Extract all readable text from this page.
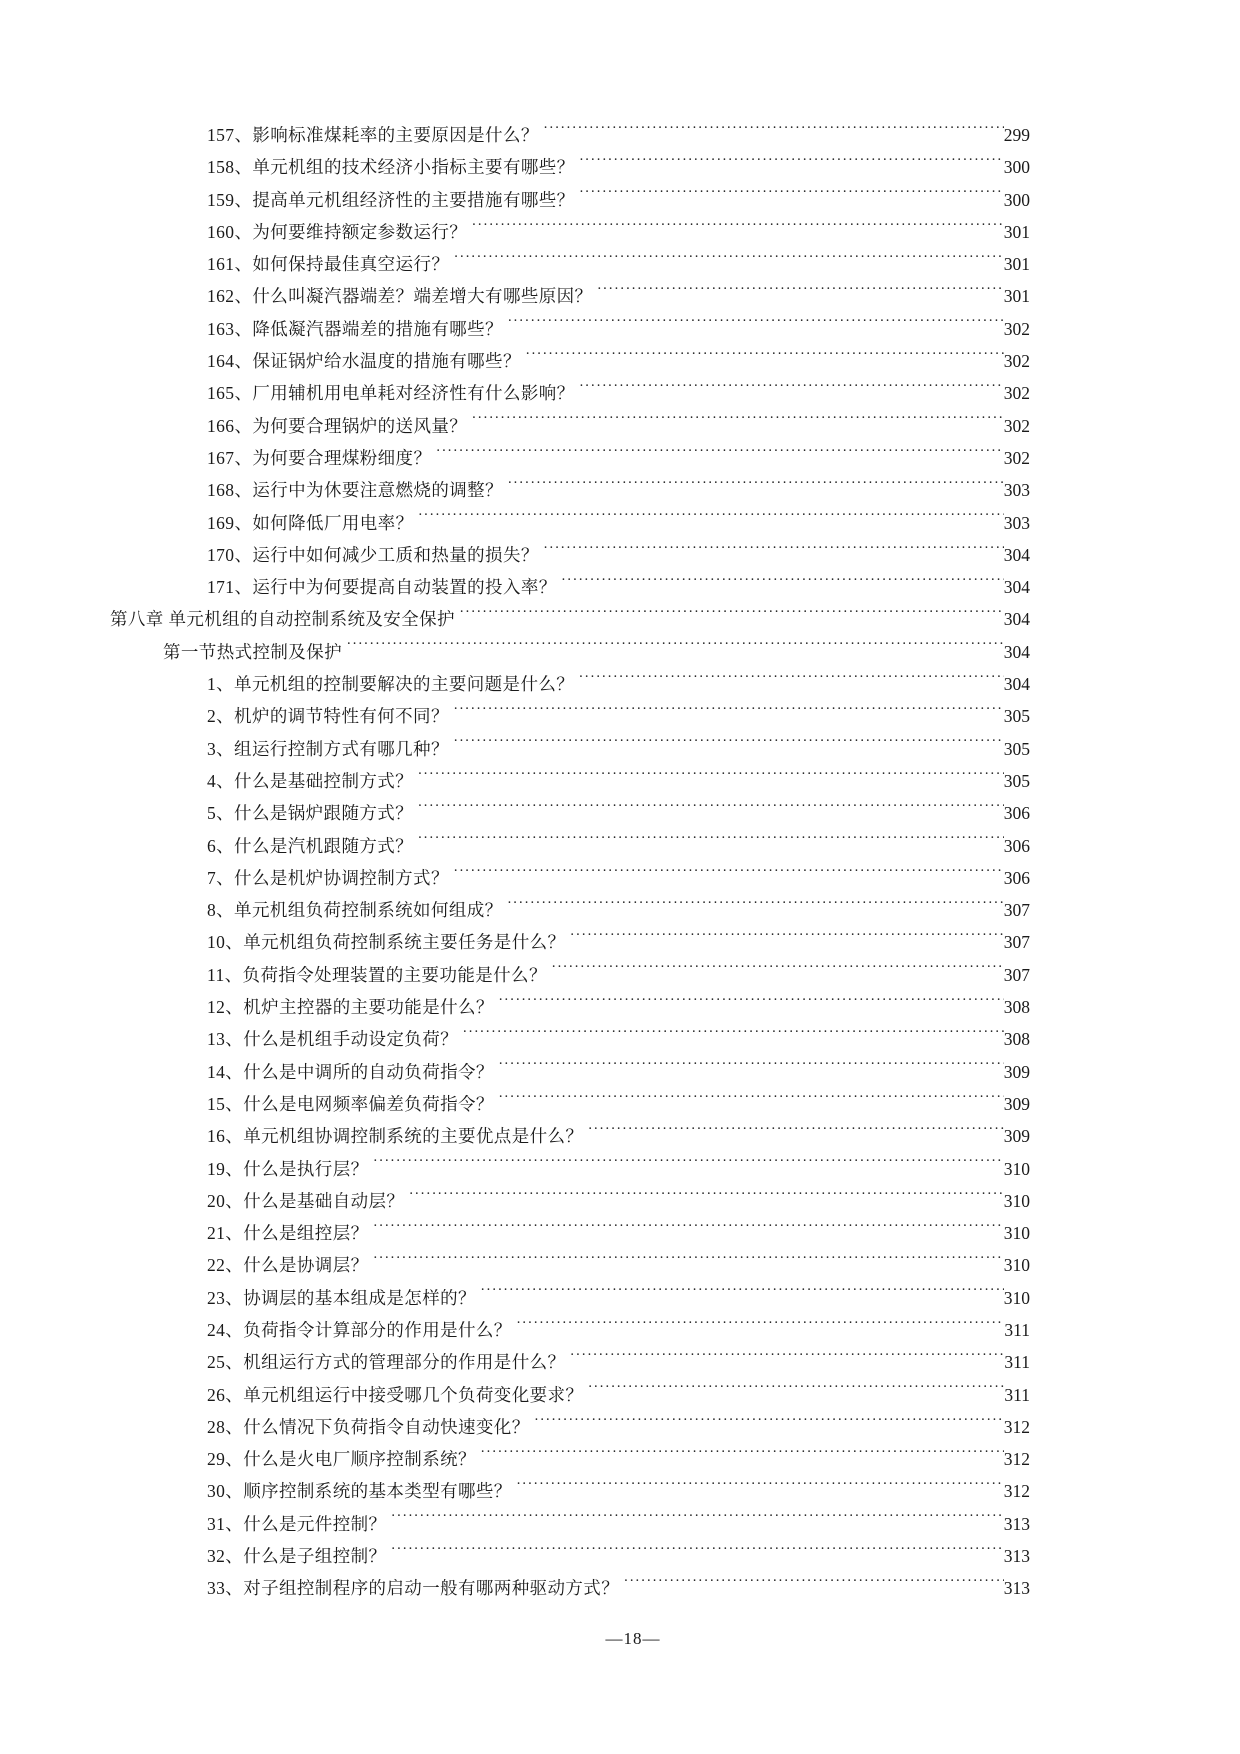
157、影响标准煤耗率的主要原因是什么？ .....	299
158、单元机组的技术经济小指标主要有哪些？ .....	300
159、提高单元机组经济性的主要措施有哪些？ .....	300
160、为何要维持额定参数运行？ .....	301
161、如何保持最佳真空运行？ .....	301
162、什么叫凝汽器端差？端差增大有哪些原因？ .....	301
163、降低凝汽器端差的措施有哪些？ .....	302
164、保证锅炉给水温度的措施有哪些？ .....	302
165、厂用辅机用电单耗对经济性有什么影响？ .....	302
166、为何要合理锅炉的送风量？ .....	302
167、为何要合理煤粉细度？ .....	302
168、运行中为休要注意燃烧的调整？ .....	303
169、如何降低厂用电率？ .....	303
170、运行中如何减少工质和热量的损失？ .....	304
171、运行中为何要提高自动装置的投入率？ .....	304
第八章 单元机组的自动控制系统及安全保护 .....	304
第一节热式控制及保护 .....	304
1、单元机组的控制要解决的主要问题是什么？ .....	304
2、机炉的调节特性有何不同？ .....	305
3、组运行控制方式有哪几种？ .....	305
4、什么是基础控制方式？ .....	305
5、什么是锅炉跟随方式？ .....	306
6、什么是汽机跟随方式？ .....	306
7、什么是机炉协调控制方式？ .....	306
8、单元机组负荷控制系统如何组成？ .....	307
10、单元机组负荷控制系统主要任务是什么？ .....	307
11、负荷指令处理装置的主要功能是什么？ .....	307
12、机炉主控器的主要功能是什么？ .....	308
13、什么是机组手动设定负荷？ .....	308
14、什么是中调所的自动负荷指令？ .....	309
15、什么是电网频率偏差负荷指令？ .....	309
16、单元机组协调控制系统的主要优点是什么？ .....	309
19、什么是执行层？ .....	310
20、什么是基础自动层？ .....	310
21、什么是组控层？ .....	310
22、什么是协调层？ .....	310
23、协调层的基本组成是怎样的？ .....	310
24、负荷指令计算部分的作用是什么？ .....	311
25、机组运行方式的管理部分的作用是什么？ .....	311
26、单元机组运行中接受哪几个负荷变化要求？ .....	311
28、什么情况下负荷指令自动快速变化？ .....	312
29、什么是火电厂顺序控制系统？ .....	312
30、顺序控制系统的基本类型有哪些？ .....	312
31、什么是元件控制？ .....	313
32、什么是子组控制？ .....	313
33、对子组控制程序的启动一般有哪两种驱动方式？ .....	313
—18—
